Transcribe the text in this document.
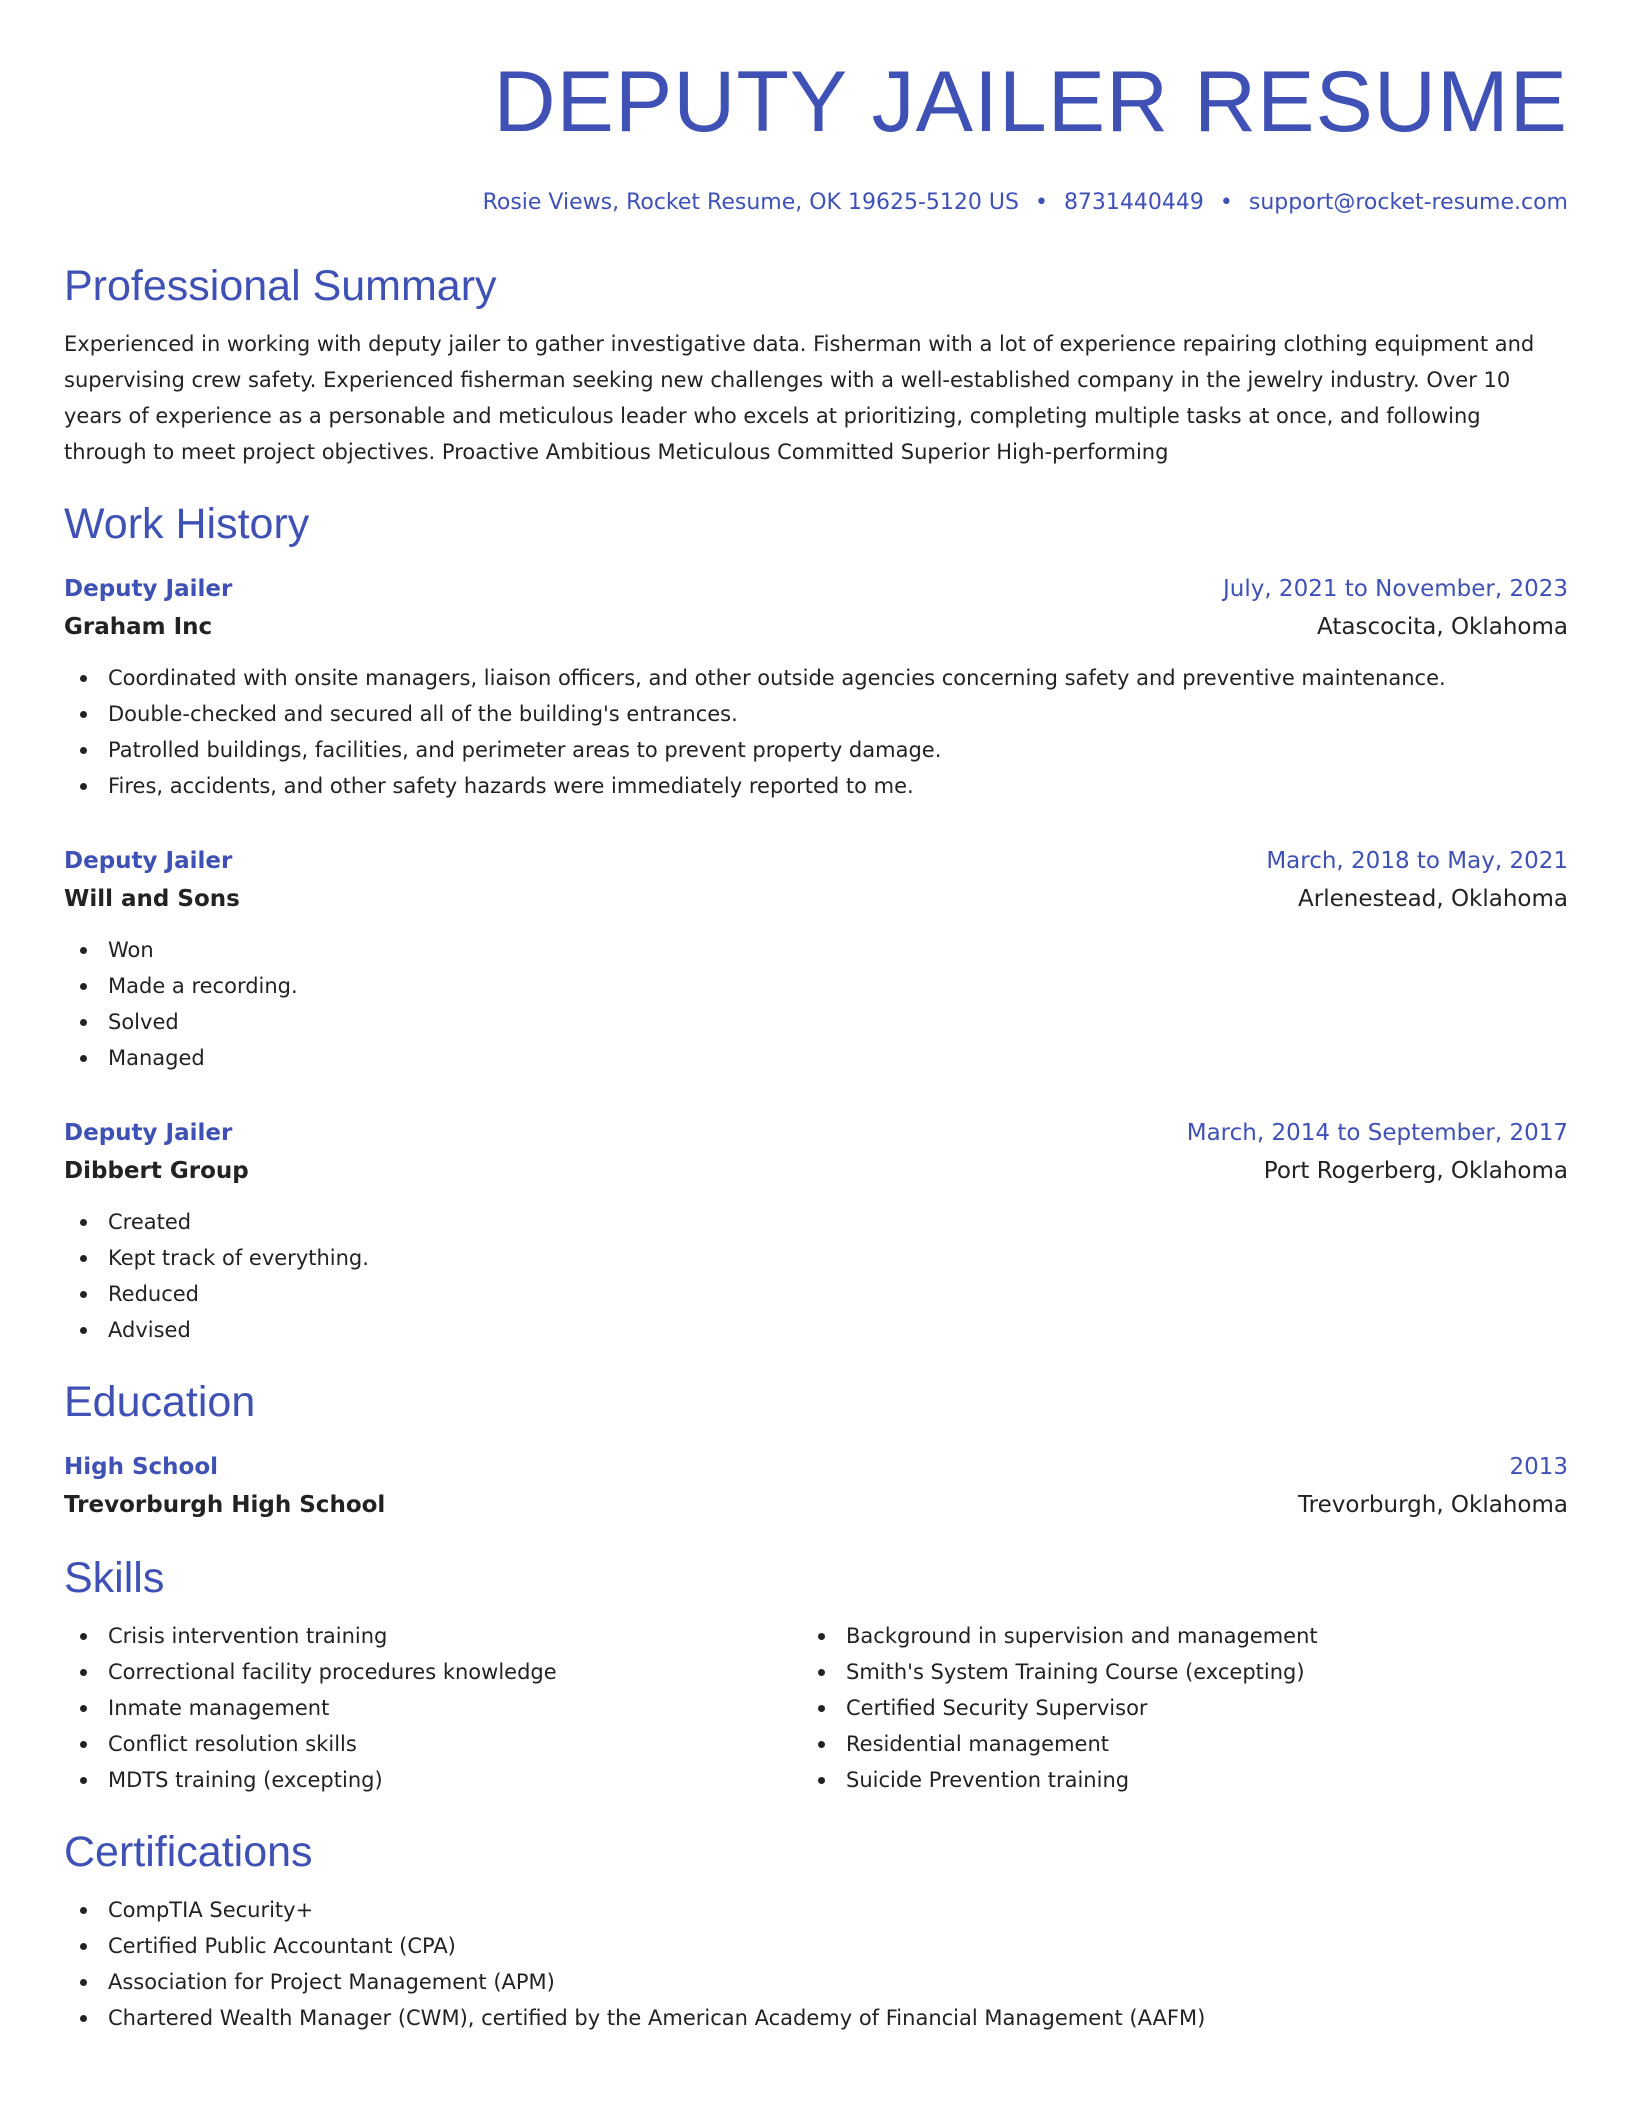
DEPUTY JAILER RESUME
Rosie Views, Rocket Resume, OK 19625-5120 US • 8731440449 • support@rocket-resume.com
Professional Summary

Experienced in working with deputy jailer to gather investigative data. Fisherman with a lot of experience repairing clothing equipment and supervising crew safety. Experienced fisherman seeking new challenges with a well-established company in the jewelry industry. Over 10 years of experience as a personable and meticulous leader who excels at prioritizing, completing multiple tasks at once, and following through to meet project objectives. Proactive Ambitious Meticulous Committed Superior High-performing

Work History
Deputy Jailer	July, 2021 to November, 2023
Graham Inc	Atascocita, Oklahoma
Coordinated with onsite managers, liaison officers, and other outside agencies concerning safety and preventive maintenance.
Double-checked and secured all of the building's entrances.
Patrolled buildings, facilities, and perimeter areas to prevent property damage.
Fires, accidents, and other safety hazards were immediately reported to me.
Deputy Jailer	March, 2018 to May, 2021
Will and Sons	Arlenestead, Oklahoma
Won
Made a recording.
Solved
Managed
Deputy Jailer	March, 2014 to September, 2017
Dibbert Group	Port Rogerberg, Oklahoma
Created
Kept track of everything.
Reduced
Advised
Education
High School	2013
Trevorburgh High School	Trevorburgh, Oklahoma
Skills
Crisis intervention training
Correctional facility procedures knowledge
Inmate management
Conflict resolution skills
MDTS training (excepting)
Background in supervision and management
Smith's System Training Course (excepting)
Certified Security Supervisor
Residential management
Suicide Prevention training
Certifications
CompTIA Security+
Certified Public Accountant (CPA)
Association for Project Management (APM)
Chartered Wealth Manager (CWM), certified by the American Academy of Financial Management (AAFM)
